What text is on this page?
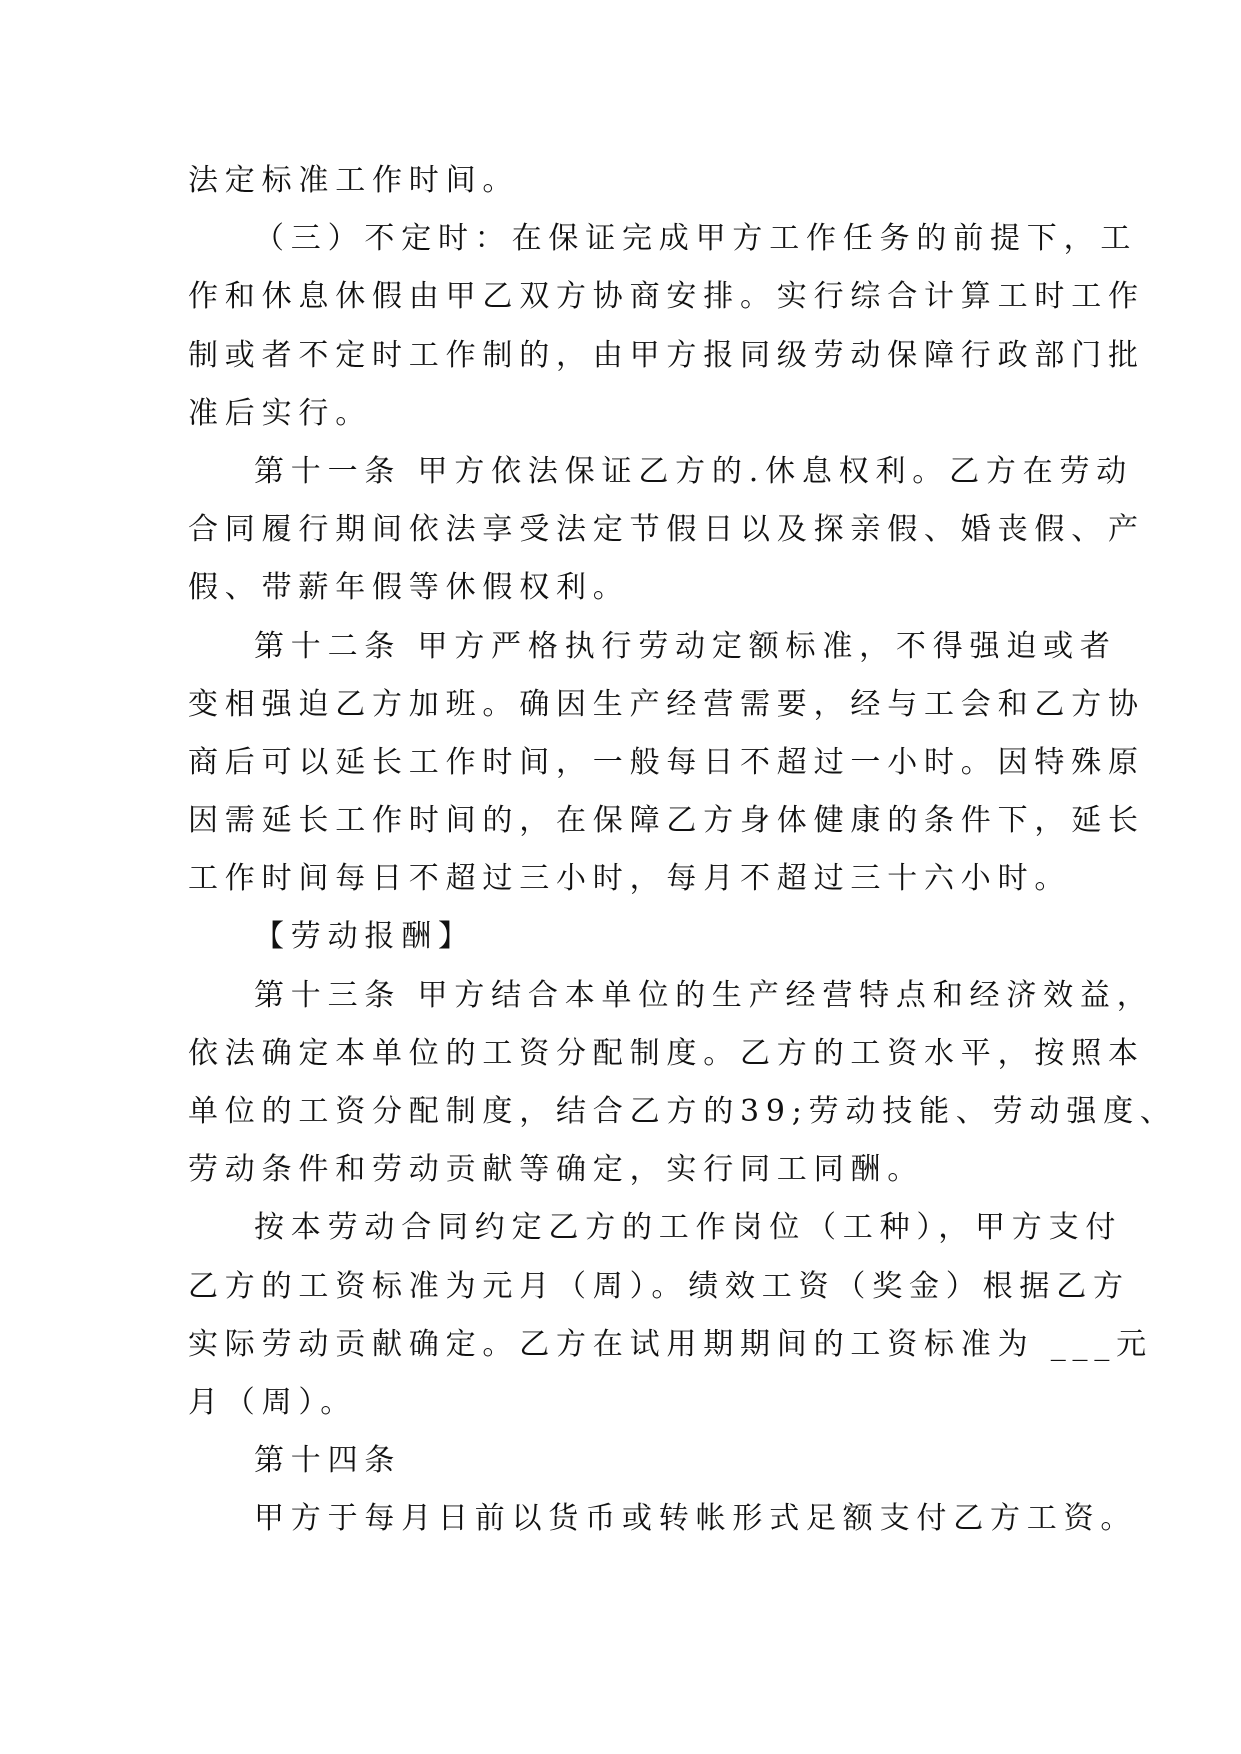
法定标准工作时间。
（三）不定时：在保证完成甲方工作任务的前提下，工
作和休息休假由甲乙双方协商安排。实行综合计算工时工作
制或者不定时工作制的，由甲方报同级劳动保障行政部门批
准后实行。
第十一条 甲方依法保证乙方的.休息权利。乙方在劳动
合同履行期间依法享受法定节假日以及探亲假、婚丧假、产
假、带薪年假等休假权利。
第十二条 甲方严格执行劳动定额标准，不得强迫或者
变相强迫乙方加班。确因生产经营需要，经与工会和乙方协
商后可以延长工作时间，一般每日不超过一小时。因特殊原
因需延长工作时间的，在保障乙方身体健康的条件下，延长
工作时间每日不超过三小时，每月不超过三十六小时。
【劳动报酬】
第十三条 甲方结合本单位的生产经营特点和经济效益，
依法确定本单位的工资分配制度。乙方的工资水平，按照本
单位的工资分配制度，结合乙方的39;劳动技能、劳动强度、
劳动条件和劳动贡献等确定，实行同工同酬。
按本劳动合同约定乙方的工作岗位（工种），甲方支付
乙方的工资标准为元月（周）。绩效工资（奖金）根据乙方
实际劳动贡献确定。乙方在试用期期间的工资标准为 ___元
月（周）。
第十四条
甲方于每月日前以货币或转帐形式足额支付乙方工资。
